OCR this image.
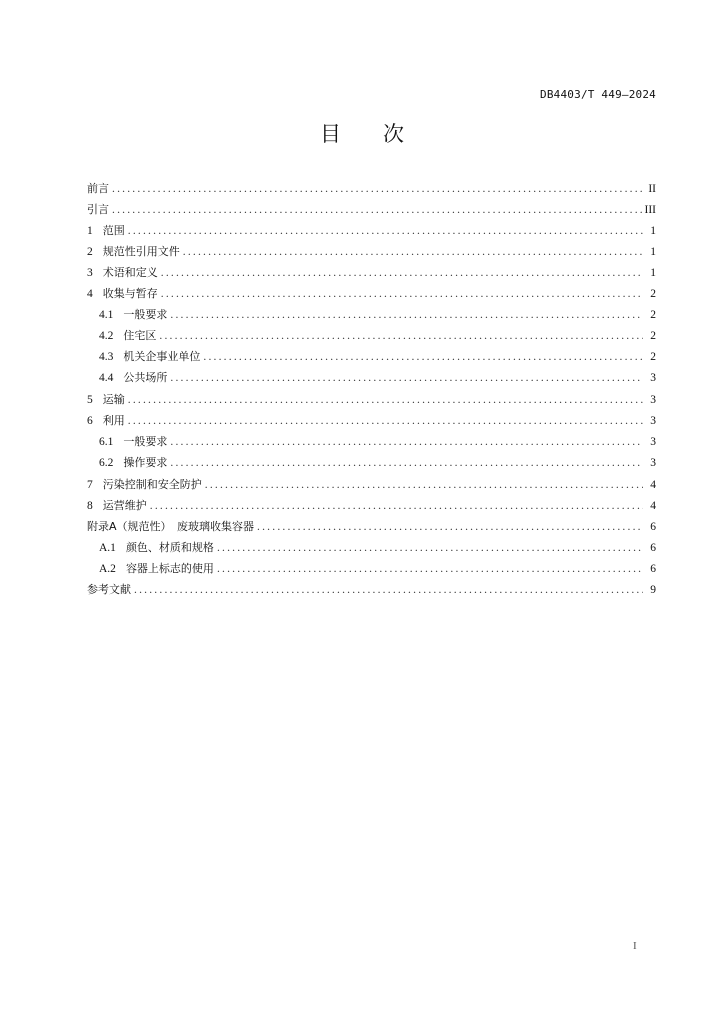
DB4403/T 449—2024
目 次
前言 .....	II
引言 .....	III
1 范围 .....	1
2 规范性引用文件 .....	1
3 术语和定义 .....	1
4 收集与暂存 .....	2
4.1 一般要求 .....	2
4.2 住宅区 .....	2
4.3 机关企事业单位 .....	2
4.4 公共场所 .....	3
5 运输 .....	3
6 利用 .....	3
6.1 一般要求 .....	3
6.2 操作要求 .....	3
7 污染控制和安全防护 .....	4
8 运营维护 .....	4
附录A（规范性）　废玻璃收集容器 .....	6
A.1 颜色、材质和规格 .....	6
A.2 容器上标志的使用 .....	6
参考文献 .....	9
I
